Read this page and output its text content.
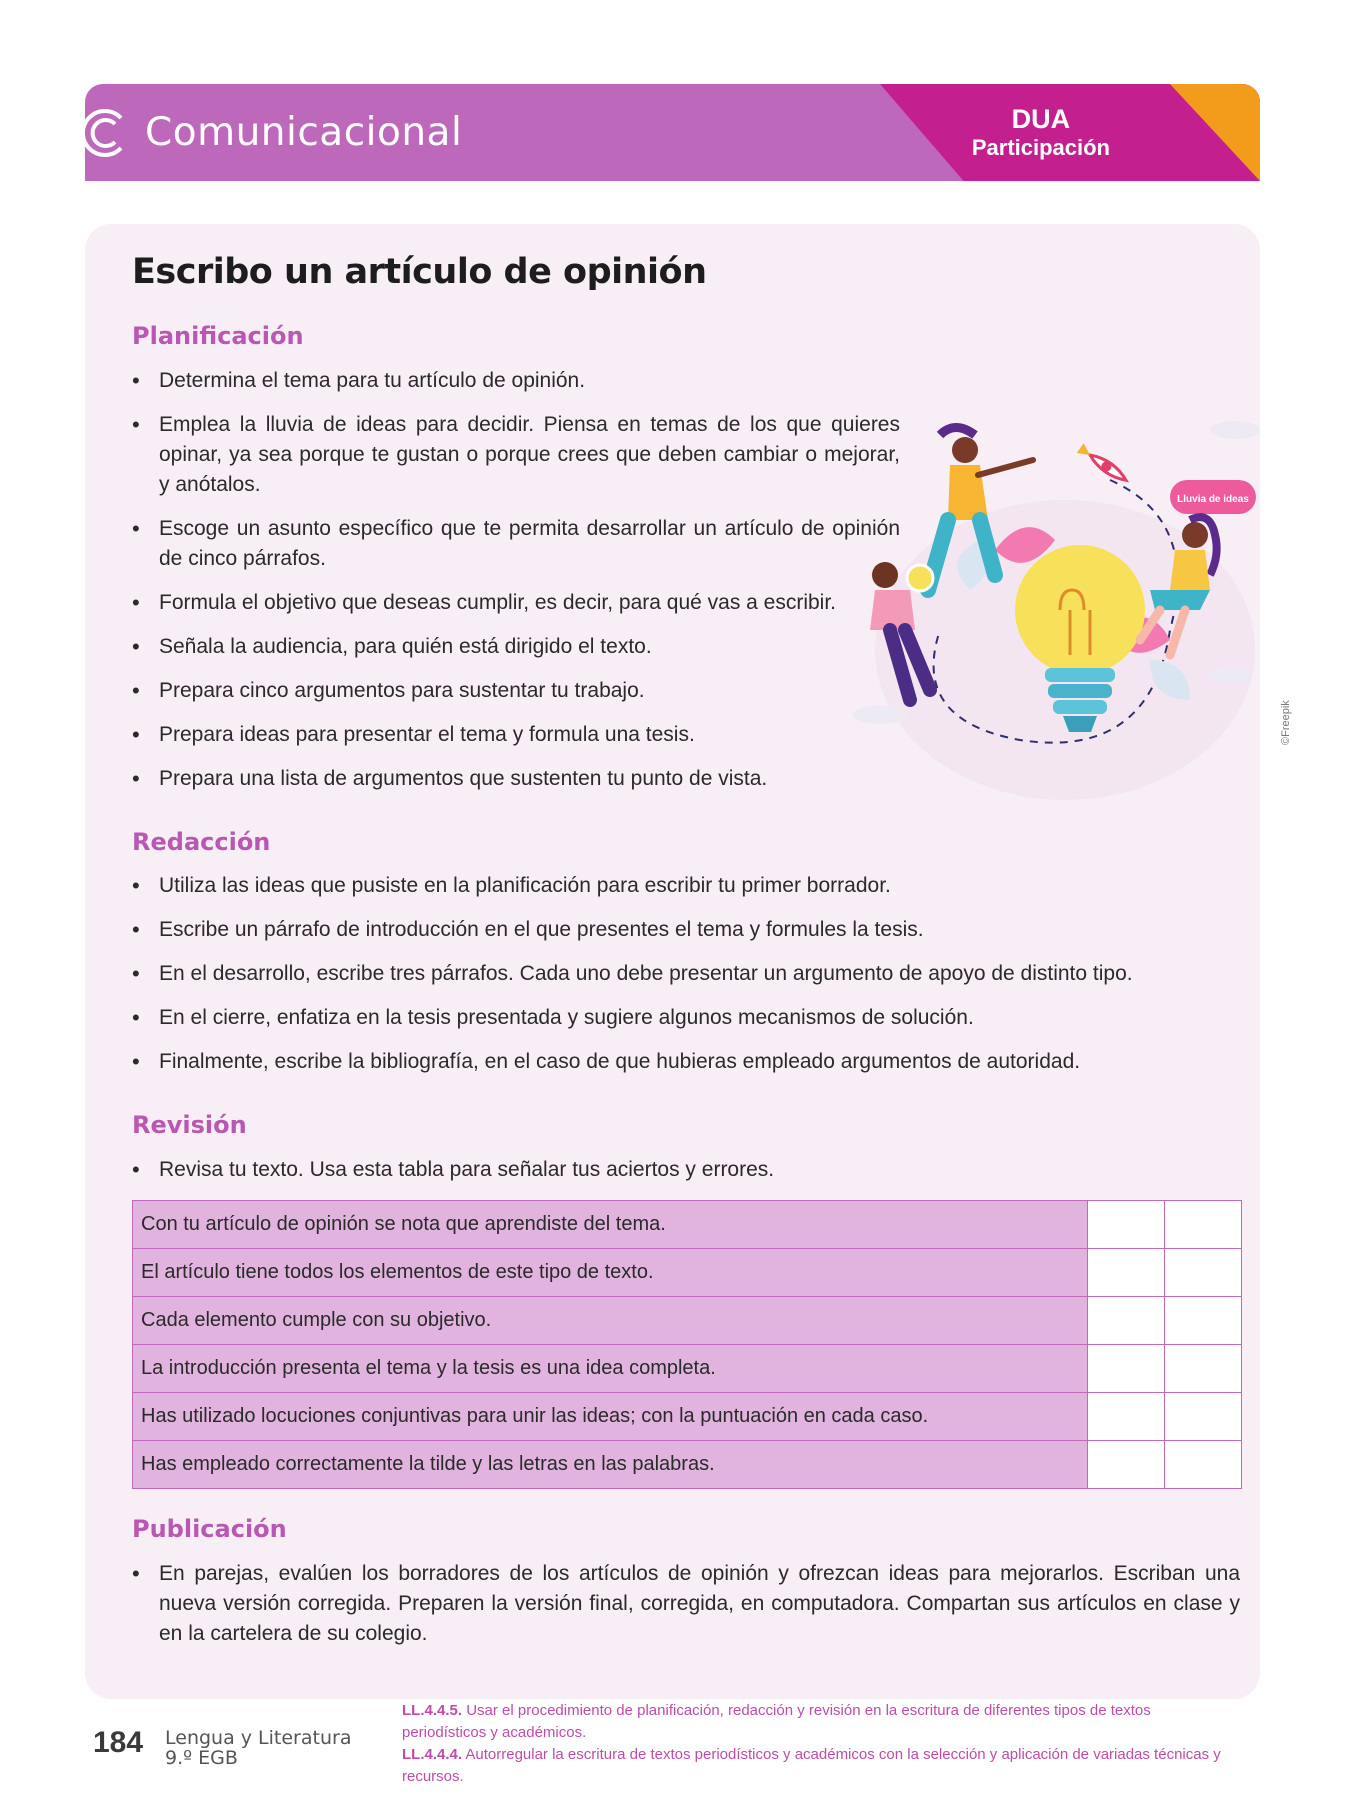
Comunicacional	DUA
Participación
Escribo un artículo de opinión
Planificación
• Determina el tema para tu artículo de opinión.
• Emplea la lluvia de ideas para decidir. Piensa en temas de los que quieres opinar, ya sea porque te gustan o porque crees que deben cambiar o mejorar, y anótalos.
• Escoge un asunto específico que te permita desarrollar un artículo de opinión de cinco párrafos.
• Formula el objetivo que deseas cumplir, es decir, para qué vas a escribir.
• Señala la audiencia, para quién está dirigido el texto.
• Prepara cinco argumentos para sustentar tu trabajo.
• Prepara ideas para presentar el tema y formula una tesis.
• Prepara una lista de argumentos que sustenten tu punto de vista.
Lluvia de ideas
©Freepik
Redacción
• Utiliza las ideas que pusiste en la planificación para escribir tu primer borrador.
• Escribe un párrafo de introducción en el que presentes el tema y formules la tesis.
• En el desarrollo, escribe tres párrafos. Cada uno debe presentar un argumento de apoyo de distinto tipo.
• En el cierre, enfatiza en la tesis presentada y sugiere algunos mecanismos de solución.
• Finalmente, escribe la bibliografía, en el caso de que hubieras empleado argumentos de autoridad.
Revisión
• Revisa tu texto. Usa esta tabla para señalar tus aciertos y errores.
Con tu artículo de opinión se nota que aprendiste del tema.		
El artículo tiene todos los elementos de este tipo de texto.		
Cada elemento cumple con su objetivo.		
La introducción presenta el tema y la tesis es una idea completa.		
Has utilizado locuciones conjuntivas para unir las ideas; con la puntuación en cada caso.		
Has empleado correctamente la tilde y las letras en las palabras.		
Publicación
• En parejas, evalúen los borradores de los artículos de opinión y ofrezcan ideas para mejorarlos. Escriban una nueva versión corregida. Preparen la versión final, corregida, en computadora. Compartan sus artículos en clase y en la cartelera de su colegio.
184 Lengua y Literatura
9.º EGB
LL.4.4.5. Usar el procedimiento de planificación, redacción y revisión en la escritura de diferentes tipos de textos periodísticos y académicos.
LL.4.4.4. Autorregular la escritura de textos periodísticos y académicos con la selección y aplicación de variadas técnicas y recursos.
